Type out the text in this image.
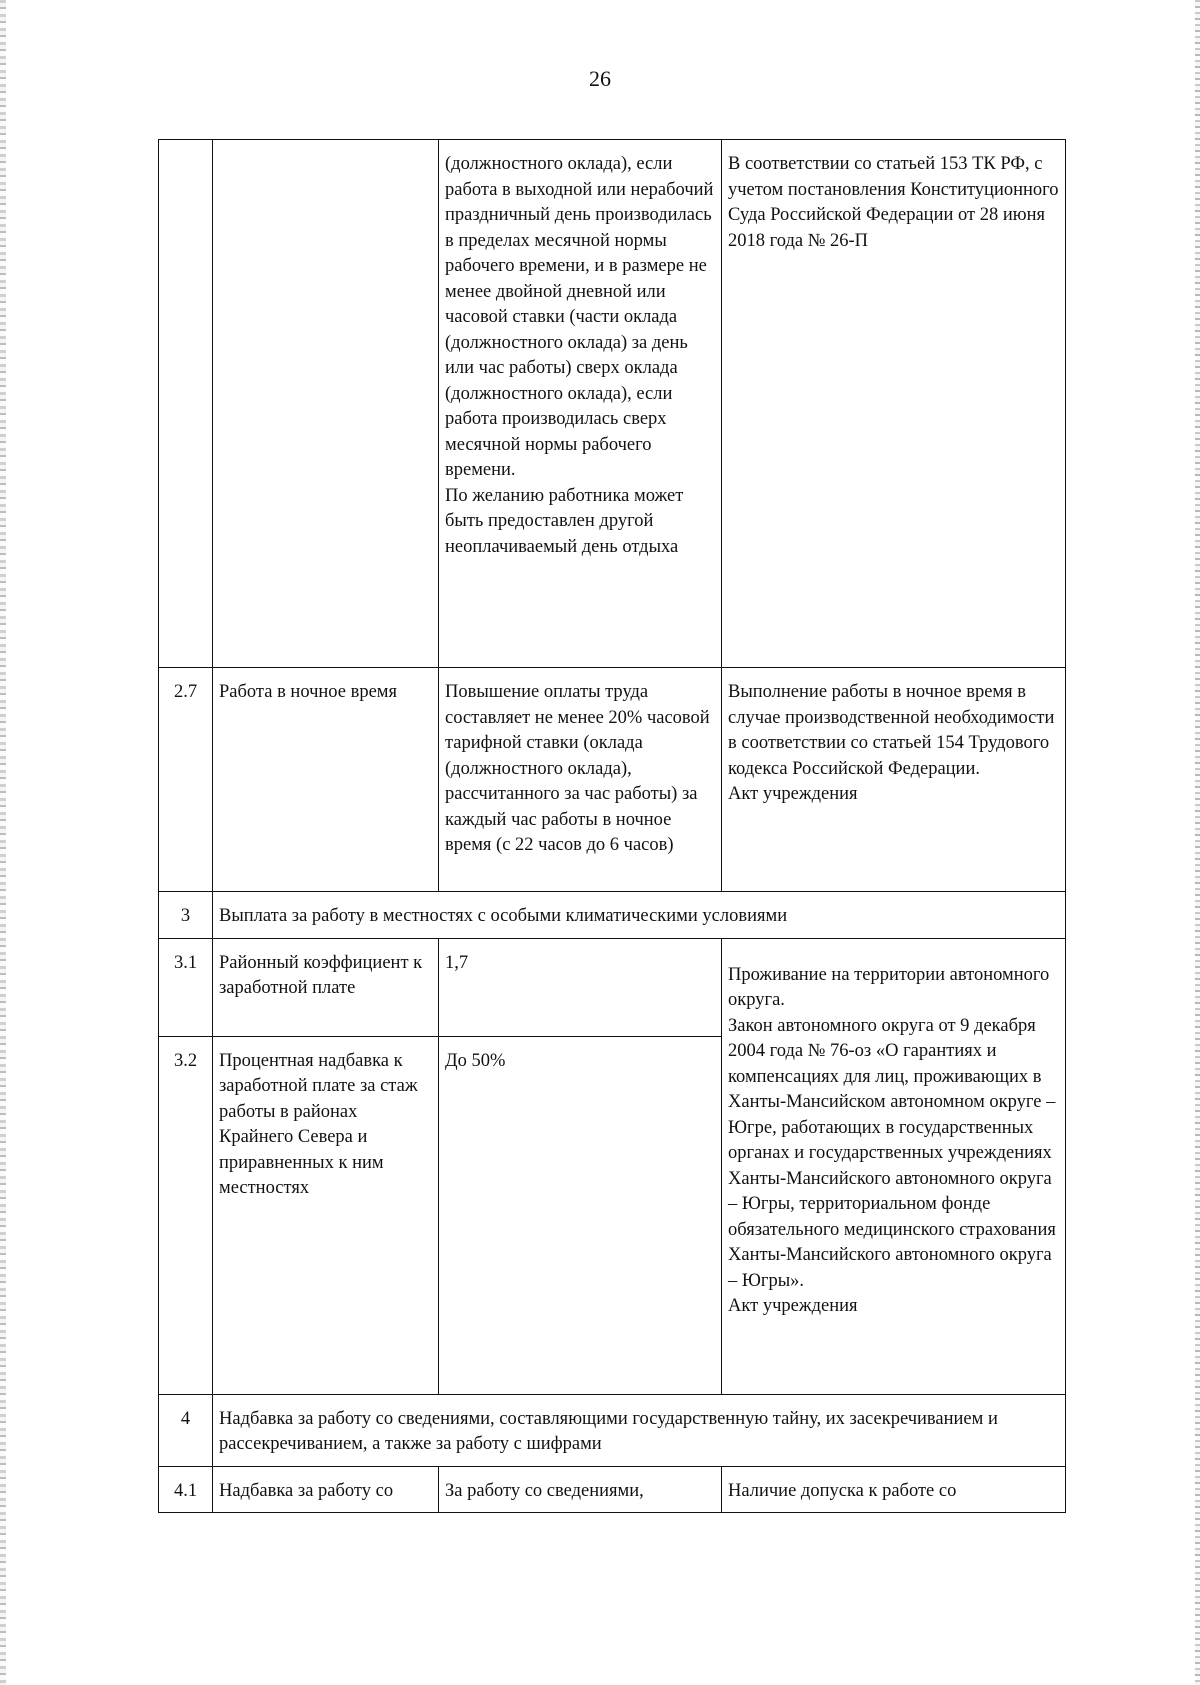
26

		(должностного оклада), если работа в выходной или нерабочий праздничный день производилась в пределах месячной нормы рабочего времени, и в размере не менее двойной дневной или часовой ставки (части оклада (должностного оклада) за день или час работы) сверх оклада (должностного оклада), если работа производилась сверх месячной нормы рабочего времени.
По желанию работника может быть предоставлен другой неоплачиваемый день отдыха	В соответствии со статьей 153 ТК РФ, с учетом постановления Конституционного Суда Российской Федерации от 28 июня 2018 года № 26-П

2.7	Работа в ночное время	Повышение оплаты труда составляет не менее 20% часовой тарифной ставки (оклада (должностного оклада), рассчитанного за час работы) за каждый час работы в ночное время (с 22 часов до 6 часов)	Выполнение работы в ночное время в случае производственной необходимости в соответствии со статьей 154 Трудового кодекса Российской Федерации.
Акт учреждения

3	Выплата за работу в местностях с особыми климатическими условиями		
3.1	Районный коэффициент к заработной плате	1,7	Проживание на территории автономного округа.
Закон автономного округа от 9 декабря 2004 года № 76-оз «О гарантиях и компенсациях для лиц, проживающих в Ханты-Мансийском автономном округе – Югре, работающих в государственных органах и государственных учреждениях Ханты-Мансийского автономного округа – Югры, территориальном фонде обязательного медицинского страхования Ханты-Мансийского автономного округа – Югры».
Акт учреждения

3.2	Процентная надбавка к заработной плате за стаж работы в районах Крайнего Севера и приравненных к ним местностях	До 50%	
4	Надбавка за работу со сведениями, составляющими государственную тайну, их засекречиванием и рассекречиванием, а также за работу с шифрами		
4.1	Надбавка за работу со	За работу со сведениями,	Наличие допуска к работе со
